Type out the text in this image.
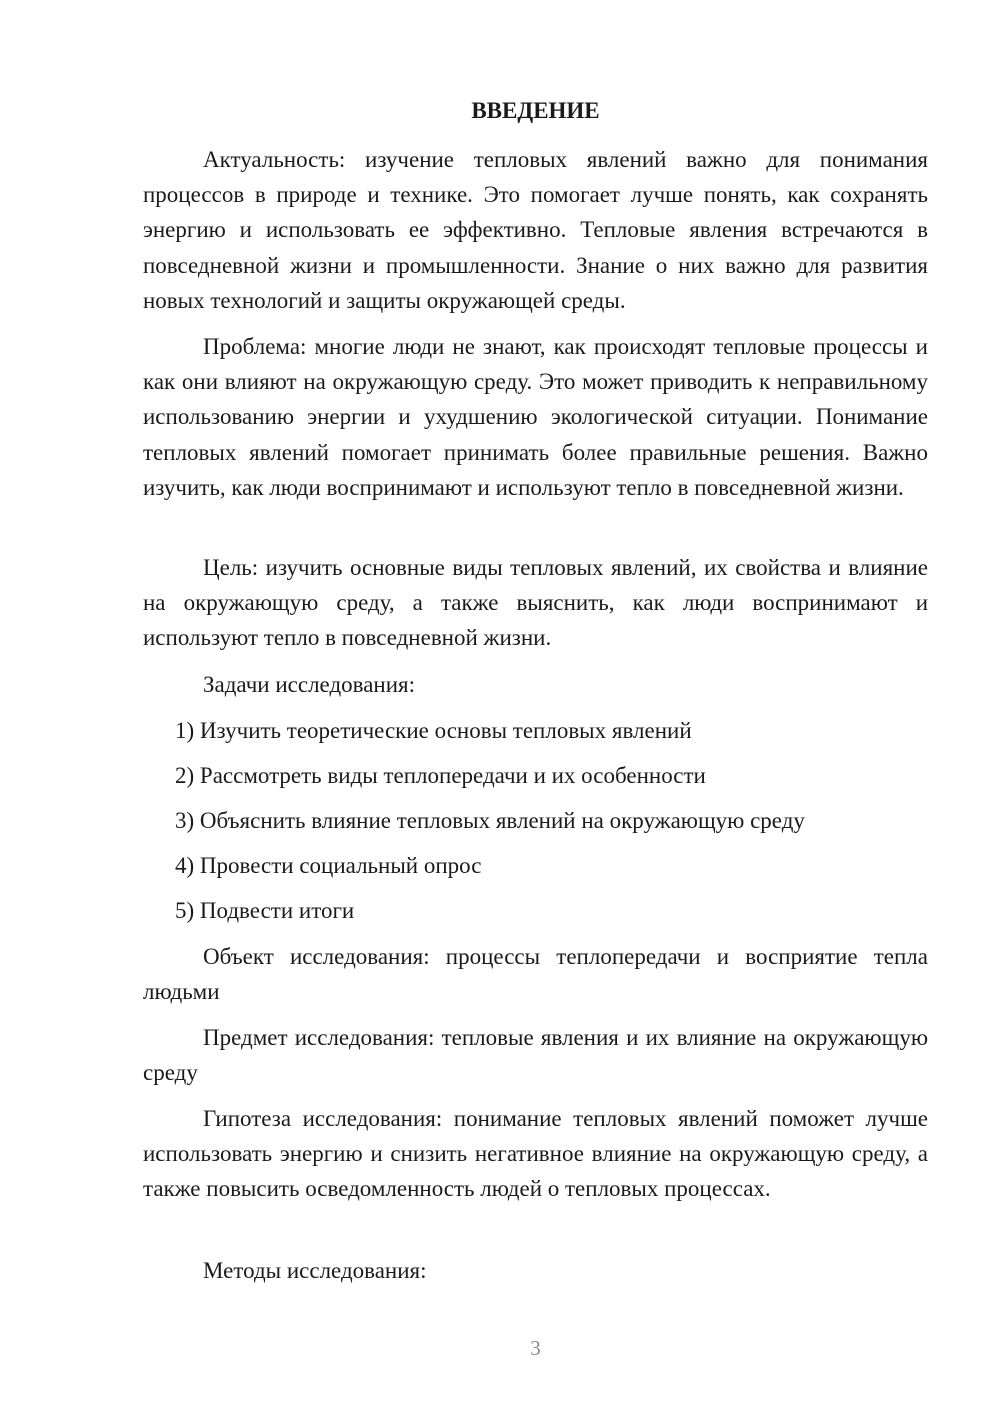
ВВЕДЕНИЕ

Актуальность: изучение тепловых явлений важно для понимания процессов в природе и технике. Это помогает лучше понять, как сохранять энергию и использовать ее эффективно. Тепловые явления встречаются в повседневной жизни и промышленности. Знание о них важно для развития новых технологий и защиты окружающей среды.

Проблема: многие люди не знают, как происходят тепловые процессы и как они влияют на окружающую среду. Это может приводить к неправильному использованию энергии и ухудшению экологической ситуации. Понимание тепловых явлений помогает принимать более правильные решения. Важно изучить, как люди воспринимают и используют тепло в повседневной жизни.

Цель: изучить основные виды тепловых явлений, их свойства и влияние на окружающую среду, а также выяснить, как люди воспринимают и используют тепло в повседневной жизни.

Задачи исследования:

1) Изучить теоретические основы тепловых явлений

2) Рассмотреть виды теплопередачи и их особенности

3) Объяснить влияние тепловых явлений на окружающую среду

4) Провести социальный опрос

5) Подвести итоги

Объект исследования: процессы теплопередачи и восприятие тепла людьми

Предмет исследования: тепловые явления и их влияние на окружающую среду

Гипотеза исследования: понимание тепловых явлений поможет лучше использовать энергию и снизить негативное влияние на окружающую среду, а также повысить осведомленность людей о тепловых процессах.

Методы исследования:

3
